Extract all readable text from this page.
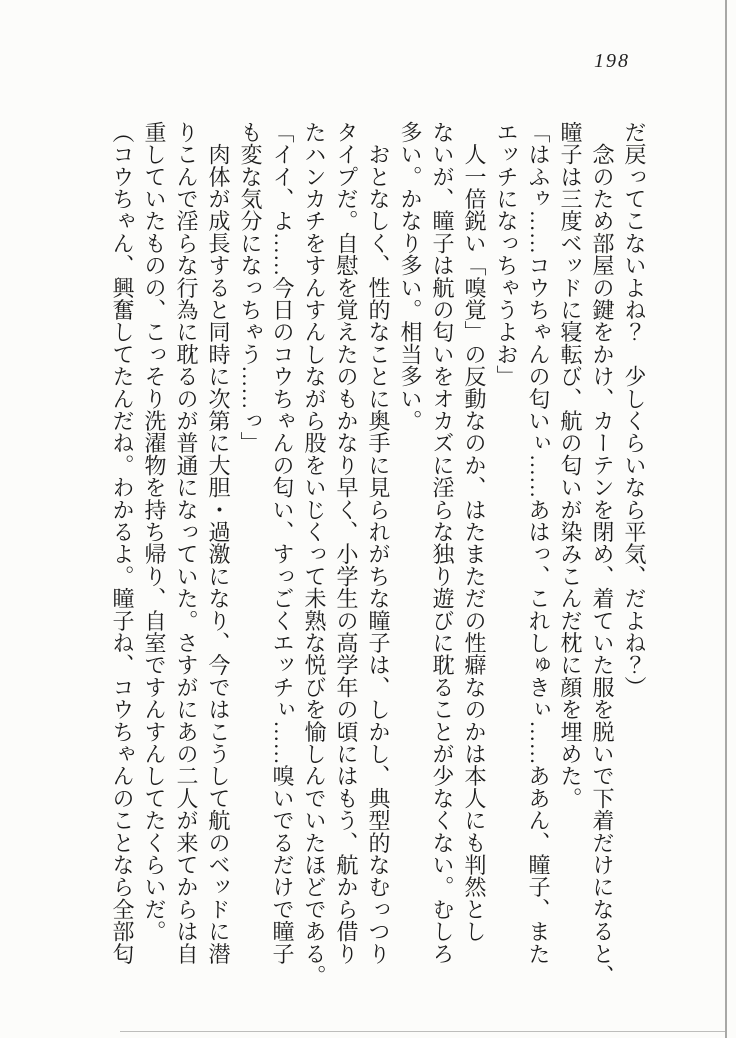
198

だ戻ってこないよね？　少しくらいなら平気、だよね？）

　念のため部屋の鍵をかけ、カーテンを閉め、着ていた服を脱いで下着だけになると、

瞳子は三度ベッドに寝転び、航の匂いが染みこんだ枕に顔を埋めた。

「はふゥ……コウちゃんの匂いぃ……あはっ、これしゅきぃ……ああん、瞳子、また

エッチになっちゃうよお」

　人一倍鋭い「嗅覚」の反動なのか、はたまただの性癖なのかは本人にも判然とし

ないが、瞳子は航の匂いをオカズに淫らな独り遊びに耽ることが少なくない。むしろ

多い。かなり多い。相当多い。

　おとなしく、性的なことに奥手に見られがちな瞳子は、しかし、典型的なむっつり

タイプだ。自慰を覚えたのもかなり早く、小学生の高学年の頃にはもう、航から借り

たハンカチをすんすんしながら股をいじくって未熟な悦びを愉しんでいたほどである。

「イイ、よ……今日のコウちゃんの匂い、すっごくエッチぃ……嗅いでるだけで瞳子

も変な気分になっちゃう……っ」

　肉体が成長すると同時に次第に大胆・過激になり、今ではこうして航のベッドに潜

りこんで淫らな行為に耽るのが普通になっていた。さすがにあの二人が来てからは自

重していたものの、こっそり洗濯物を持ち帰り、自室ですんすんしてたくらいだ。

（コウちゃん、興奮してたんだね。わかるよ。瞳子ね、コウちゃんのことなら全部匂
